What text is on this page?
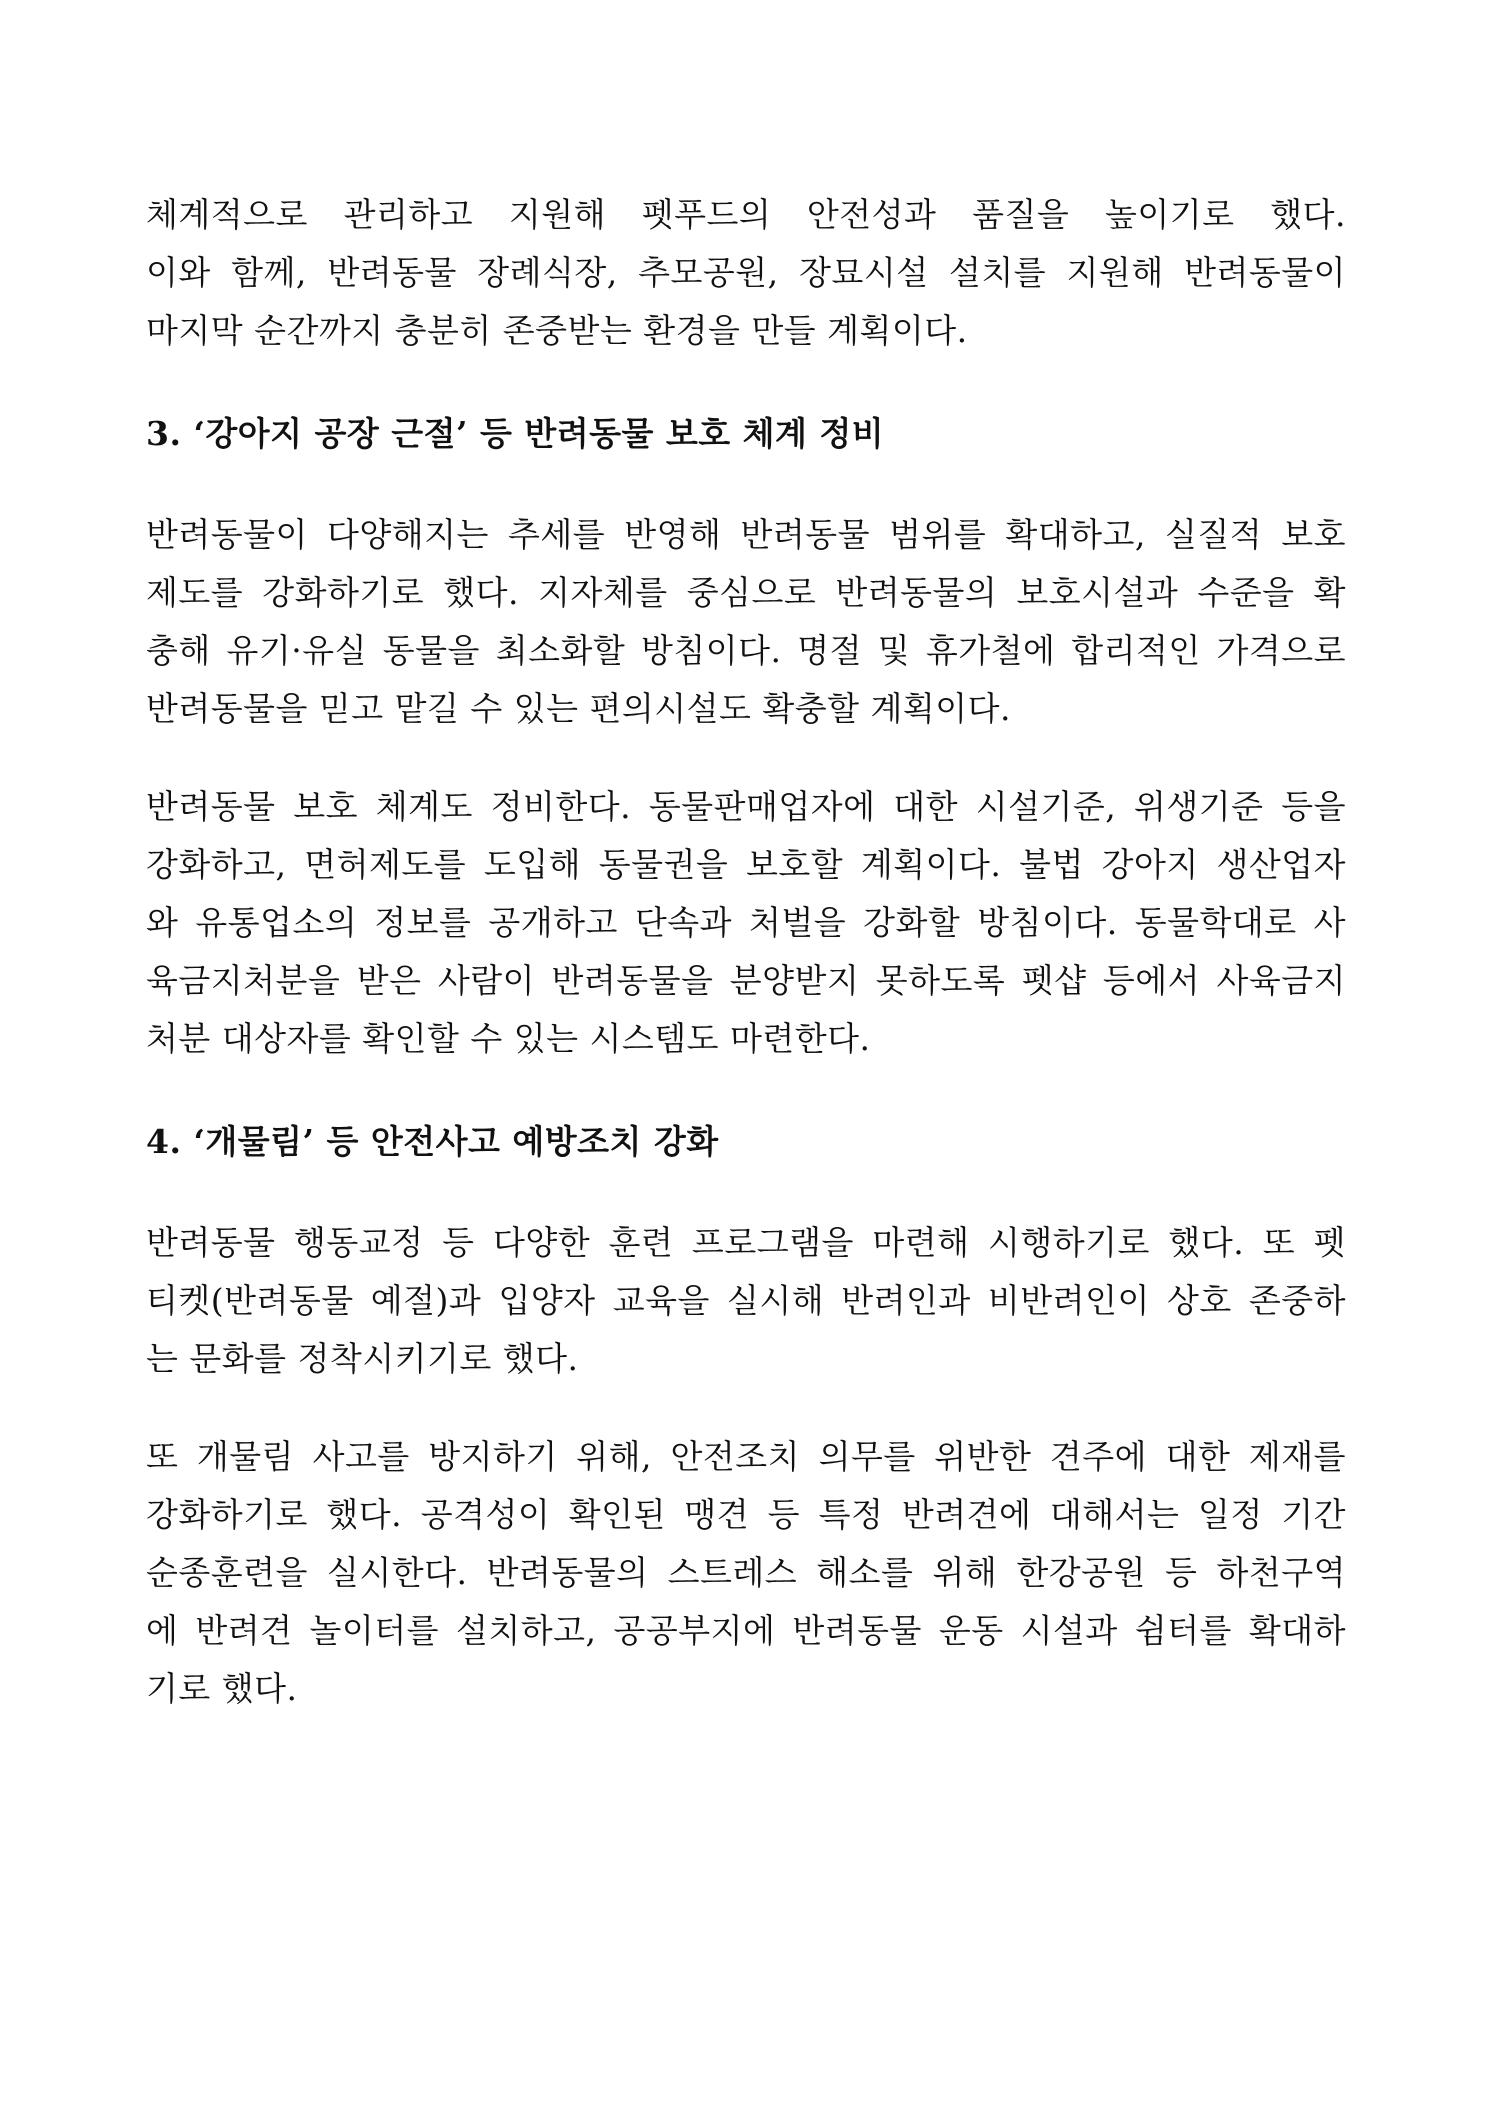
체계적으로 관리하고 지원해 펫푸드의 안전성과 품질을 높이기로 했다.
이와 함께, 반려동물 장례식장, 추모공원, 장묘시설 설치를 지원해 반려동물이
마지막 순간까지 충분히 존중받는 환경을 만들 계획이다.
3. ‘강아지 공장 근절’ 등 반려동물 보호 체계 정비
반려동물이 다양해지는 추세를 반영해 반려동물 범위를 확대하고, 실질적 보호
제도를 강화하기로 했다. 지자체를 중심으로 반려동물의 보호시설과 수준을 확
충해 유기·유실 동물을 최소화할 방침이다. 명절 및 휴가철에 합리적인 가격으로
반려동물을 믿고 맡길 수 있는 편의시설도 확충할 계획이다.
반려동물 보호 체계도 정비한다. 동물판매업자에 대한 시설기준, 위생기준 등을
강화하고, 면허제도를 도입해 동물권을 보호할 계획이다. 불법 강아지 생산업자
와 유통업소의 정보를 공개하고 단속과 처벌을 강화할 방침이다. 동물학대로 사
육금지처분을 받은 사람이 반려동물을 분양받지 못하도록 펫샵 등에서 사육금지
처분 대상자를 확인할 수 있는 시스템도 마련한다.
4. ‘개물림’ 등 안전사고 예방조치 강화
반려동물 행동교정 등 다양한 훈련 프로그램을 마련해 시행하기로 했다. 또 펫
티켓(반려동물 예절)과 입양자 교육을 실시해 반려인과 비반려인이 상호 존중하
는 문화를 정착시키기로 했다.
또 개물림 사고를 방지하기 위해, 안전조치 의무를 위반한 견주에 대한 제재를
강화하기로 했다. 공격성이 확인된 맹견 등 특정 반려견에 대해서는 일정 기간
순종훈련을 실시한다. 반려동물의 스트레스 해소를 위해 한강공원 등 하천구역
에 반려견 놀이터를 설치하고, 공공부지에 반려동물 운동 시설과 쉼터를 확대하
기로 했다.
